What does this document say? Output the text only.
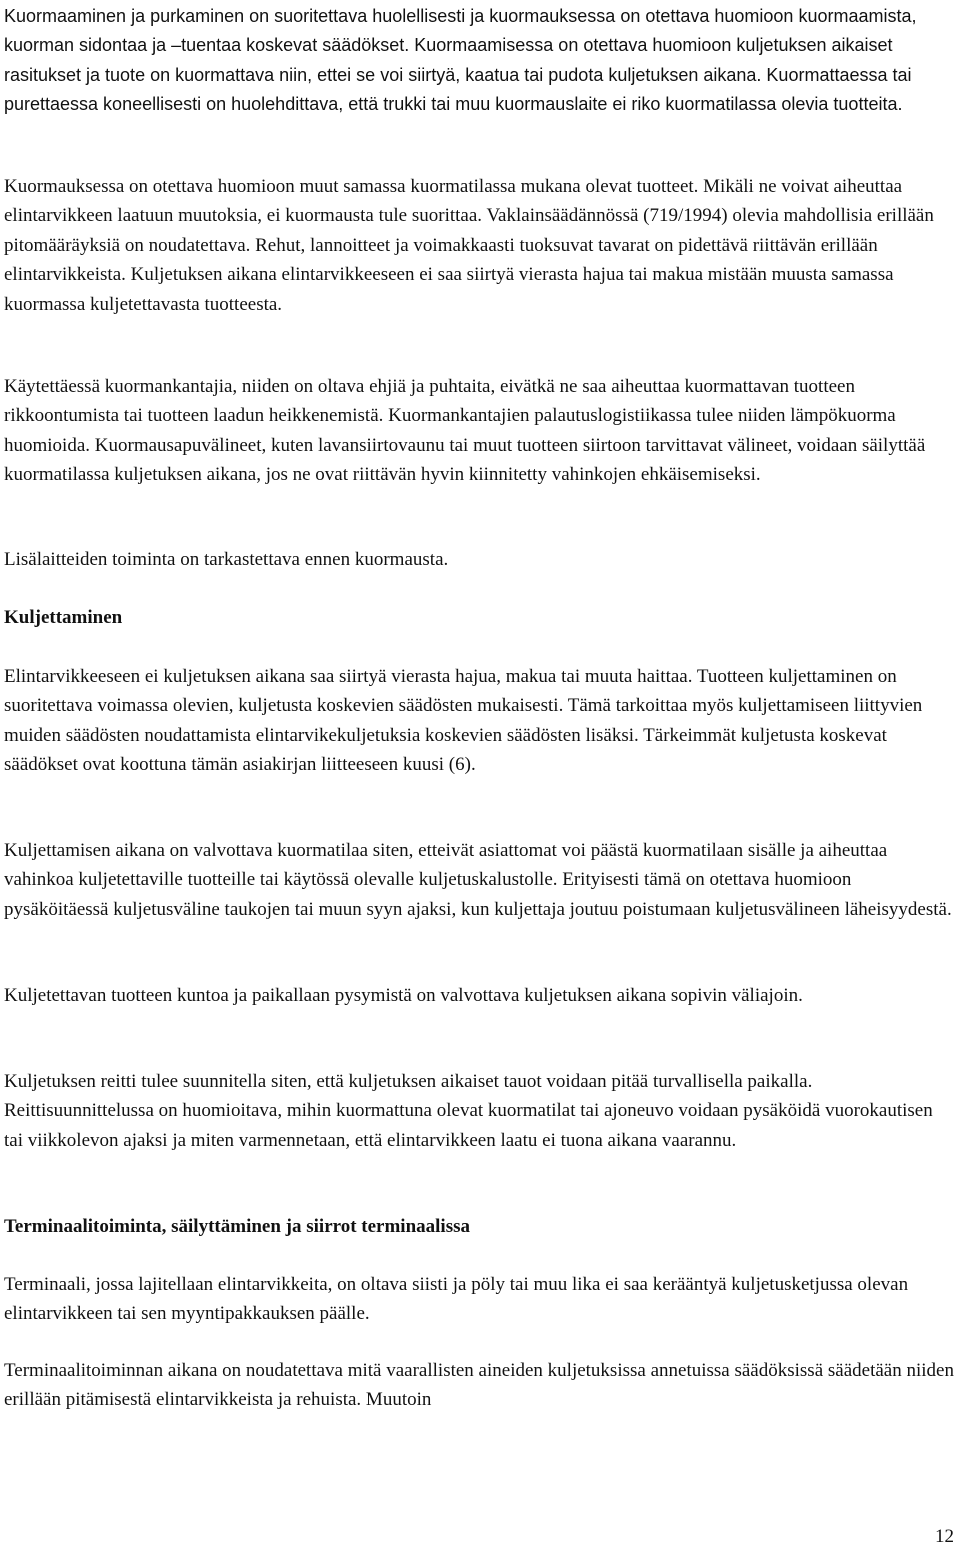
Kuormaaminen ja purkaminen on suoritettava huolellisesti ja kuormauksessa on otettava huomioon kuormaamista, kuorman sidontaa ja –tuentaa koskevat säädökset. Kuormaamisessa on otettava huomioon kuljetuksen aikaiset rasitukset ja tuote on kuormattava niin, ettei se voi siirtyä, kaatua tai pudota kuljetuksen aikana. Kuormattaessa tai purettaessa koneellisesti on huolehdittava, että trukki tai muu kuormauslaite ei riko kuormatilassa olevia tuotteita.

Kuormauksessa on otettava huomioon muut samassa kuormatilassa mukana olevat tuotteet. Mikäli ne voivat aiheuttaa elintarvikkeen laatuun muutoksia, ei kuormausta tule suorittaa. Vaklainsäädännössä (719/1994) olevia mahdollisia erillään pitomääräyksiä on noudatettava. Rehut, lannoitteet ja voimakkaasti tuoksuvat tavarat on pidettävä riittävän erillään elintarvikkeista. Kuljetuksen aikana elintarvikkeeseen ei saa siirtyä vierasta hajua tai makua mistään muusta samassa kuormassa kuljetettavasta tuotteesta.

Käytettäessä kuormankantajia, niiden on oltava ehjiä ja puhtaita, eivätkä ne saa aiheuttaa kuormattavan tuotteen rikkoontumista tai tuotteen laadun heikkenemistä. Kuormankantajien palautuslogistiikassa tulee niiden lämpökuorma huomioida. Kuormausapuvälineet, kuten lavansiirtovaunu tai muut tuotteen siirtoon tarvittavat välineet, voidaan säilyttää kuormatilassa kuljetuksen aikana, jos ne ovat riittävän hyvin kiinnitetty vahinkojen ehkäisemiseksi.

Lisälaitteiden toiminta on tarkastettava ennen kuormausta.

Kuljettaminen

Elintarvikkeeseen ei kuljetuksen aikana saa siirtyä vierasta hajua, makua tai muuta haittaa. Tuotteen kuljettaminen on suoritettava voimassa olevien, kuljetusta koskevien säädösten mukaisesti. Tämä tarkoittaa myös kuljettamiseen liittyvien muiden säädösten noudattamista elintarvikekuljetuksia koskevien säädösten lisäksi. Tärkeimmät kuljetusta koskevat säädökset ovat koottuna tämän asiakirjan liitteeseen kuusi (6).

Kuljettamisen aikana on valvottava kuormatilaa siten, etteivät asiattomat voi päästä kuormatilaan sisälle ja aiheuttaa vahinkoa kuljetettaville tuotteille tai käytössä olevalle kuljetuskalustolle. Erityisesti tämä on otettava huomioon pysäköitäessä kuljetusväline taukojen tai muun syyn ajaksi, kun kuljettaja joutuu poistumaan kuljetusvälineen läheisyydestä.

Kuljetettavan tuotteen kuntoa ja paikallaan pysymistä on valvottava kuljetuksen aikana sopivin väliajoin.

Kuljetuksen reitti tulee suunnitella siten, että kuljetuksen aikaiset tauot voidaan pitää turvallisella paikalla. Reittisuunnittelussa on huomioitava, mihin kuormattuna olevat kuormatilat tai ajoneuvo voidaan pysäköidä vuorokautisen tai viikkolevon ajaksi ja miten varmennetaan, että elintarvikkeen laatu ei tuona aikana vaarannu.

Terminaalitoiminta, säilyttäminen ja siirrot terminaalissa

Terminaali, jossa lajitellaan elintarvikkeita, on oltava siisti ja pöly tai muu lika ei saa kerääntyä kuljetusketjussa olevan elintarvikkeen tai sen myyntipakkauksen päälle.

Terminaalitoiminnan aikana on noudatettava mitä vaarallisten aineiden kuljetuksissa annetuissa säädöksissä säädetään niiden erillään pitämisestä elintarvikkeista ja rehuista. Muutoin

12
